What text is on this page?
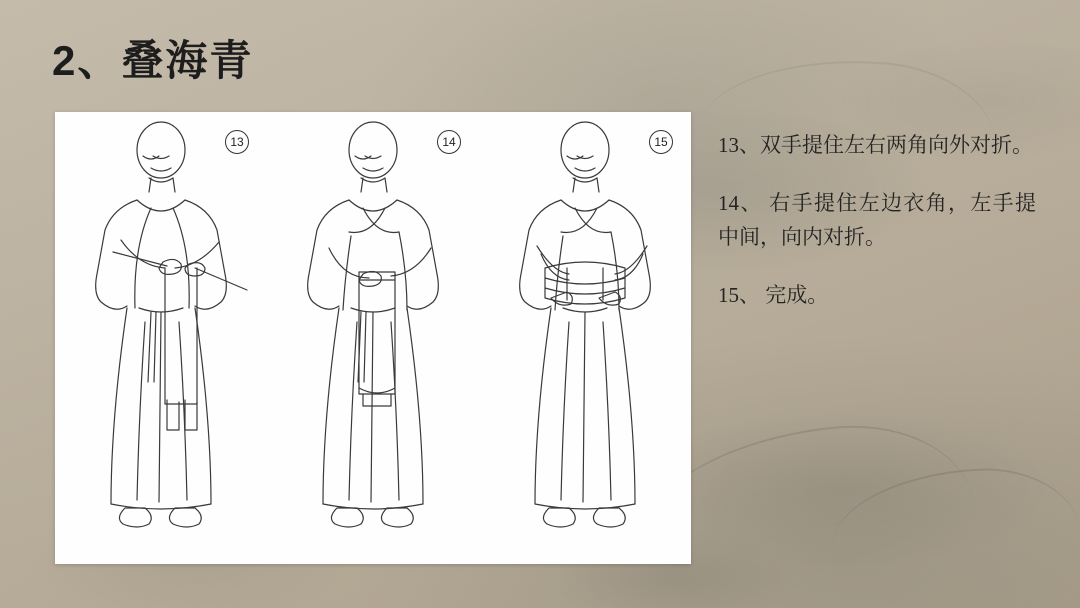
2、叠海青
13	14	15 13、双手提住左右两角向外对折。
14、 右手提住左边衣角，左手提中间，向内对折。
15、 完成。
